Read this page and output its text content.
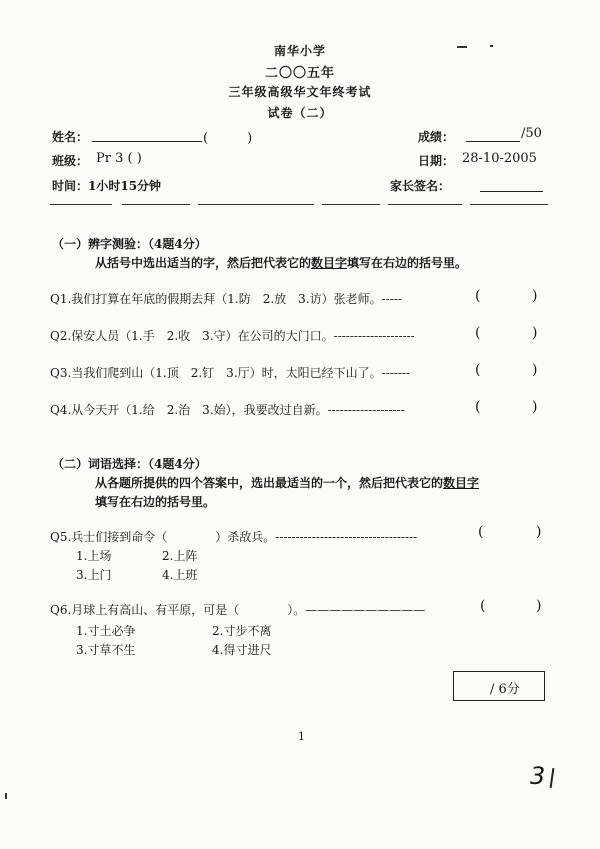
南华小学
二〇〇五年
三年级高级华文年终考试
试卷（二）
姓名：	(　　　)	成绩：	/50
班级： Pr 3 ( )	日期： 28-10-2005
时间：1小时15分钟	家长签名：
（一）辨字测验：（4题4分）
从括号中选出适当的字，然后把代表它的数目字填写在右边的括号里。
Q1.我们打算在年底的假期去拜（1.防　2.放　3.访）张老师。-----	(	)
Q2.保安人员（1.手　2.收　3.守）在公司的大门口。--------------------	(	)
Q3.当我们爬到山（1.顶　2.钉　3.厅）时，太阳已经下山了。-------	(	)
Q4.从今天开（1.给　2.治　3.始），我要改过自新。-------------------	(	)
（二）词语选择：（4题4分）
从各题所提供的四个答案中，选出最适当的一个，然后把代表它的数目字
填写在右边的括号里。
Q5.兵士们接到命令（　　　　）杀敌兵。-----------------------------------	(	)
1.上场	2.上阵
3.上门	4.上班
Q6.月球上有高山、有平原，可是（　　　　）。——————————	(	)
1.寸土必争	2.寸步不离
3.寸草不生	4.得寸进尺
/ 6分
1
3
